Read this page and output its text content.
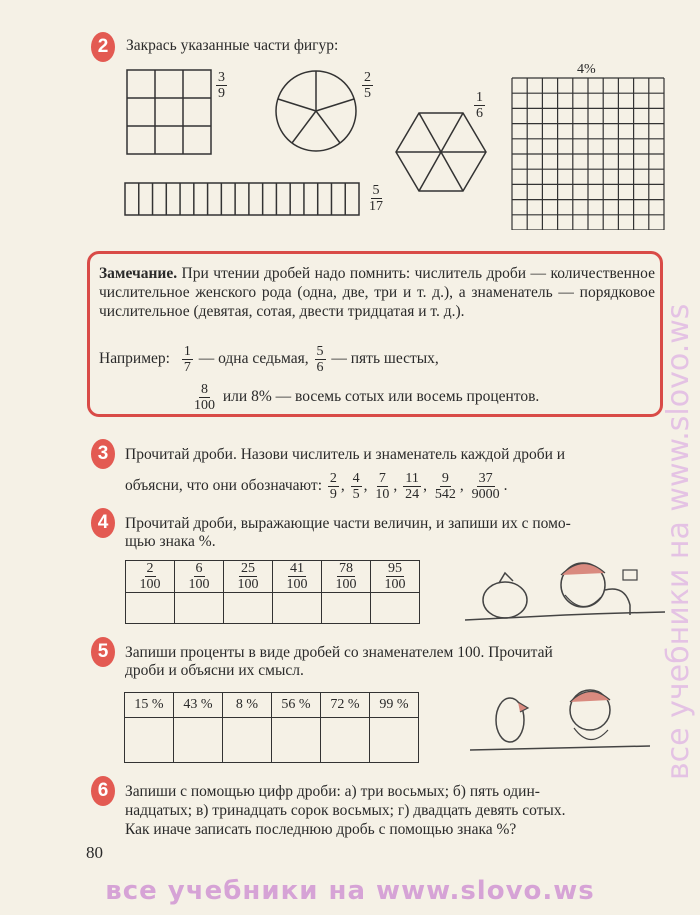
2	Закрась указанные части фигур:
$\frac{3}{9}$	$\frac{2}{5}$
$\frac{1}{6}$
4%
$\frac{5}{17}$
Замечание. При чтении дробей надо помнить: числитель дроби — количественное числительное женского рода (одна, две, три и т. д.), а знаменатель — порядковое числительное (девятая, сотая, двести тридцатая и т. д.).
Например: $\frac{1}{7}$ — одна седьмая, $\frac{5}{6}$ — пять шестых,
$\frac{8}{100}$ или 8% — восемь сотых или восемь процентов.
3	Прочитай дроби. Назови числитель и знаменатель каждой дроби и
объясни, что они обозначают: $\frac{2}{9}$ , $\frac{4}{5}$ , $\frac{7}{10}$ , $\frac{11}{24}$ , $\frac{9}{542}$ , $\frac{37}{9000}$ .
4	Прочитай дроби, выражающие части величин, и запиши их с помо-
щью знака %.
$\frac{2}{100}$	$\frac{6}{100}$	$\frac{25}{100}$	$\frac{41}{100}$	$\frac{78}{100}$	$\frac{95}{100}$

5	Запиши проценты в виде дробей со знаменателем 100. Прочитай
дроби и объясни их смысл.
15 %	43 %	8 %	56 %	72 %	99 %

6	Запиши с помощью цифр дроби: а) три восьмых; б) пять один-
надцатых; в) тринадцать сорок восьмых; г) двадцать девять сотых.
Как иначе записать последнюю дробь с помощью знака %?
80
все учебники на www.slovo.ws
все учебники на www.slovo.ws
